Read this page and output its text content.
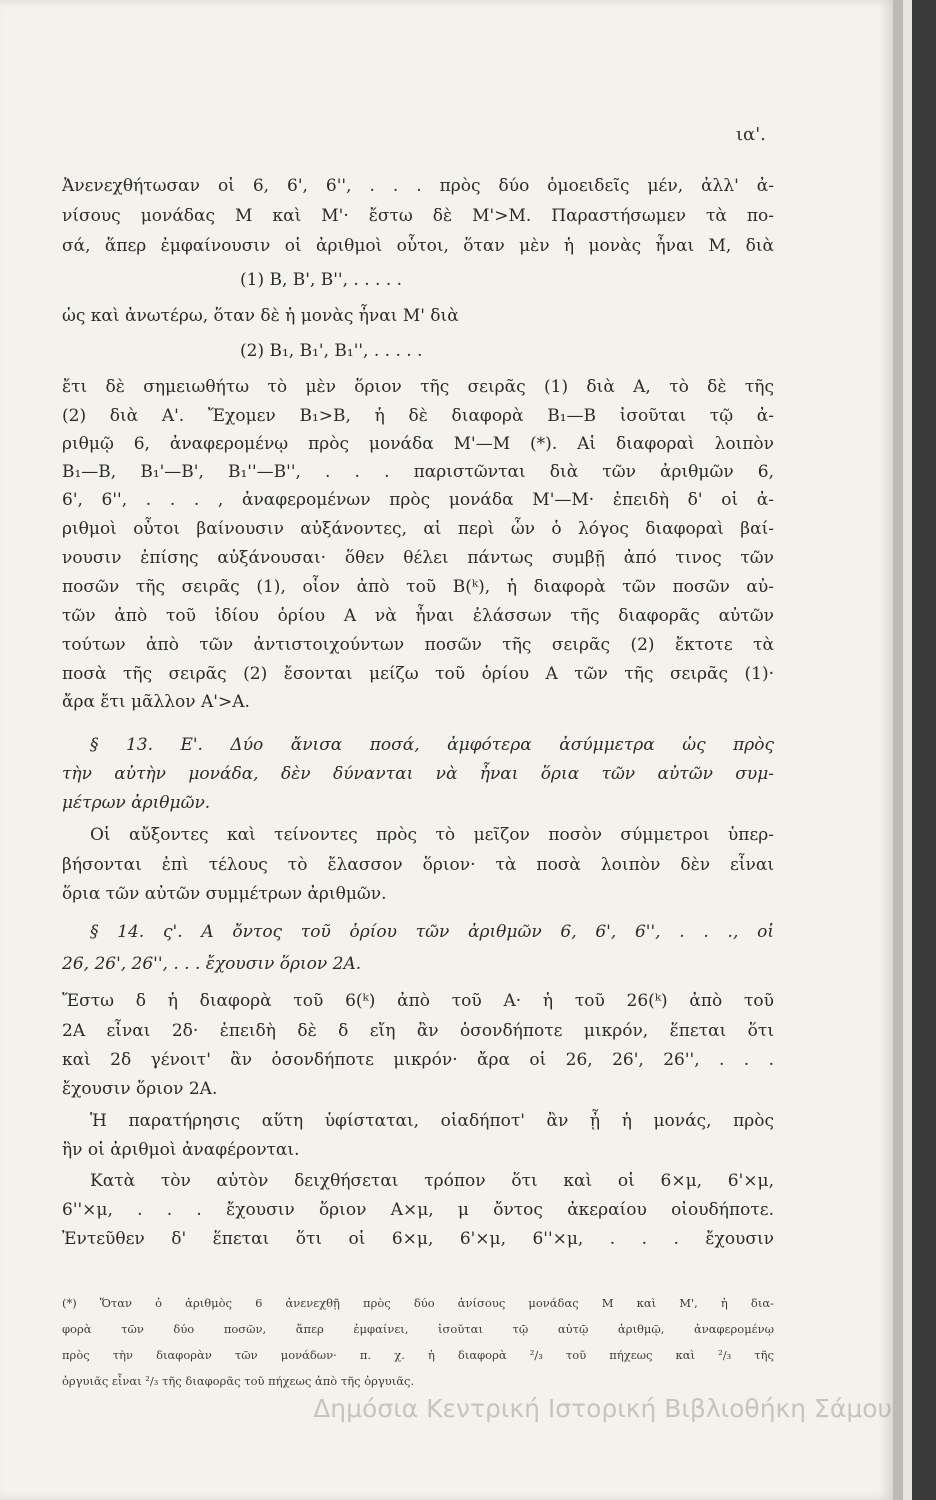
ια'.

Ἀνενεχθήτωσαν οἱ 6, 6', 6'', . . . πρὸς δύο ὁμοειδεῖς μέν, ἀλλ' ἀ-

νίσους μονάδας Μ καὶ Μ'· ἔστω δὲ Μ'>Μ. Παραστήσωμεν τὰ πο-

σά, ἅπερ ἐμφαίνουσιν οἱ ἀριθμοὶ οὗτοι, ὅταν μὲν ἡ μονὰς ἦναι Μ, διὰ

(1) Β, Β', Β'', . . . . .

ὡς καὶ ἀνωτέρω, ὅταν δὲ ἡ μονὰς ἦναι Μ' διὰ

(2) Β₁, Β₁', Β₁'', . . . . .

ἔτι δὲ σημειωθήτω τὸ μὲν ὅριον τῆς σειρᾶς (1) διὰ Α, τὸ δὲ τῆς

(2) διὰ Α'. Ἔχομεν Β₁>Β, ἡ δὲ διαφορὰ Β₁—Β ἰσοῦται τῷ ἀ-

ριθμῷ 6, ἀναφερομένῳ πρὸς μονάδα Μ'—Μ (*). Αἱ διαφοραὶ λοιπὸν

Β₁—Β, Β₁'—Β', Β₁''—Β'', . . . παριστῶνται διὰ τῶν ἀριθμῶν 6,

6', 6'', . . . , ἀναφερομένων πρὸς μονάδα Μ'—Μ· ἐπειδὴ δ' οἱ ἀ-

ριθμοὶ οὗτοι βαίνουσιν αὐξάνοντες, αἱ περὶ ὧν ὁ λόγος διαφοραὶ βαί-

νουσιν ἐπίσης αὐξάνουσαι· ὅθεν θέλει πάντως συμβῇ ἀπό τινος τῶν

ποσῶν τῆς σειρᾶς (1), οἷον ἀπὸ τοῦ Β(ᵏ), ἡ διαφορὰ τῶν ποσῶν αὐ-

τῶν ἀπὸ τοῦ ἰδίου ὁρίου Α νὰ ἦναι ἐλάσσων τῆς διαφορᾶς αὐτῶν

τούτων ἀπὸ τῶν ἀντιστοιχούντων ποσῶν τῆς σειρᾶς (2) ἔκτοτε τὰ

ποσὰ τῆς σειρᾶς (2) ἔσονται μείζω τοῦ ὁρίου Α τῶν τῆς σειρᾶς (1)·

ἄρα ἔτι μᾶλλον Α'>Α.

§ 13. Ε'. Δύο ἄνισα ποσά, ἀμφότερα ἀσύμμετρα ὡς πρὸς

τὴν αὐτὴν μονάδα, δὲν δύνανται νὰ ἦναι ὅρια τῶν αὐτῶν συμ-

μέτρων ἀριθμῶν.

Οἱ αὔξοντες καὶ τείνοντες πρὸς τὸ μεῖζον ποσὸν σύμμετροι ὑπερ-

βήσονται ἐπὶ τέλους τὸ ἔλασσον ὅριον· τὰ ποσὰ λοιπὸν δὲν εἶναι

ὅρια τῶν αὐτῶν συμμέτρων ἀριθμῶν.

§ 14. ς'. Α ὄντος τοῦ ὁρίου τῶν ἀριθμῶν 6, 6', 6'', . . ., οἱ

26, 26', 26'', . . . ἔχουσιν ὅριον 2Α.

Ἔστω δ ἡ διαφορὰ τοῦ 6(ᵏ) ἀπὸ τοῦ Α· ἡ τοῦ 26(ᵏ) ἀπὸ τοῦ

2Α εἶναι 2δ· ἐπειδὴ δὲ δ εἴη ἂν ὁσονδήποτε μικρόν, ἕπεται ὅτι

καὶ 2δ γένοιτ' ἂν ὁσονδήποτε μικρόν· ἄρα οἱ 26, 26', 26'', . . .

ἔχουσιν ὅριον 2Α.

Ἡ παρατήρησις αὕτη ὑφίσταται, οἱαδήποτ' ἂν ᾖ ἡ μονάς, πρὸς

ἣν οἱ ἀριθμοὶ ἀναφέρονται.

Κατὰ τὸν αὐτὸν δειχθήσεται τρόπον ὅτι καὶ οἱ 6×μ, 6'×μ,

6''×μ, . . . ἔχουσιν ὅριον Α×μ, μ ὄντος ἀκεραίου οἱουδήποτε.

Ἐντεῦθεν δ' ἕπεται ὅτι οἱ 6×μ, 6'×μ, 6''×μ, . . . ἔχουσιν

(*) Ὅταν ὁ ἀριθμὸς 6 ἀνενεχθῇ πρὸς δύο ἀνίσους μονάδας Μ καὶ Μ', ἡ δια-

φορὰ τῶν δύο ποσῶν, ἅπερ ἐμφαίνει, ἰσοῦται τῷ αὐτῷ ἀριθμῷ, ἀναφερομένῳ

πρὸς τὴν διαφορὰν τῶν μονάδων· π. χ. ἡ διαφορὰ ²/₃ τοῦ πήχεως καὶ ²/₃ τῆς

ὀργυιᾶς εἶναι ²/₃ τῆς διαφορᾶς τοῦ πήχεως ἀπὸ τῆς ὀργυιᾶς.

Δημόσια Κεντρική Ιστορική Βιβλιοθήκη Σάμου
